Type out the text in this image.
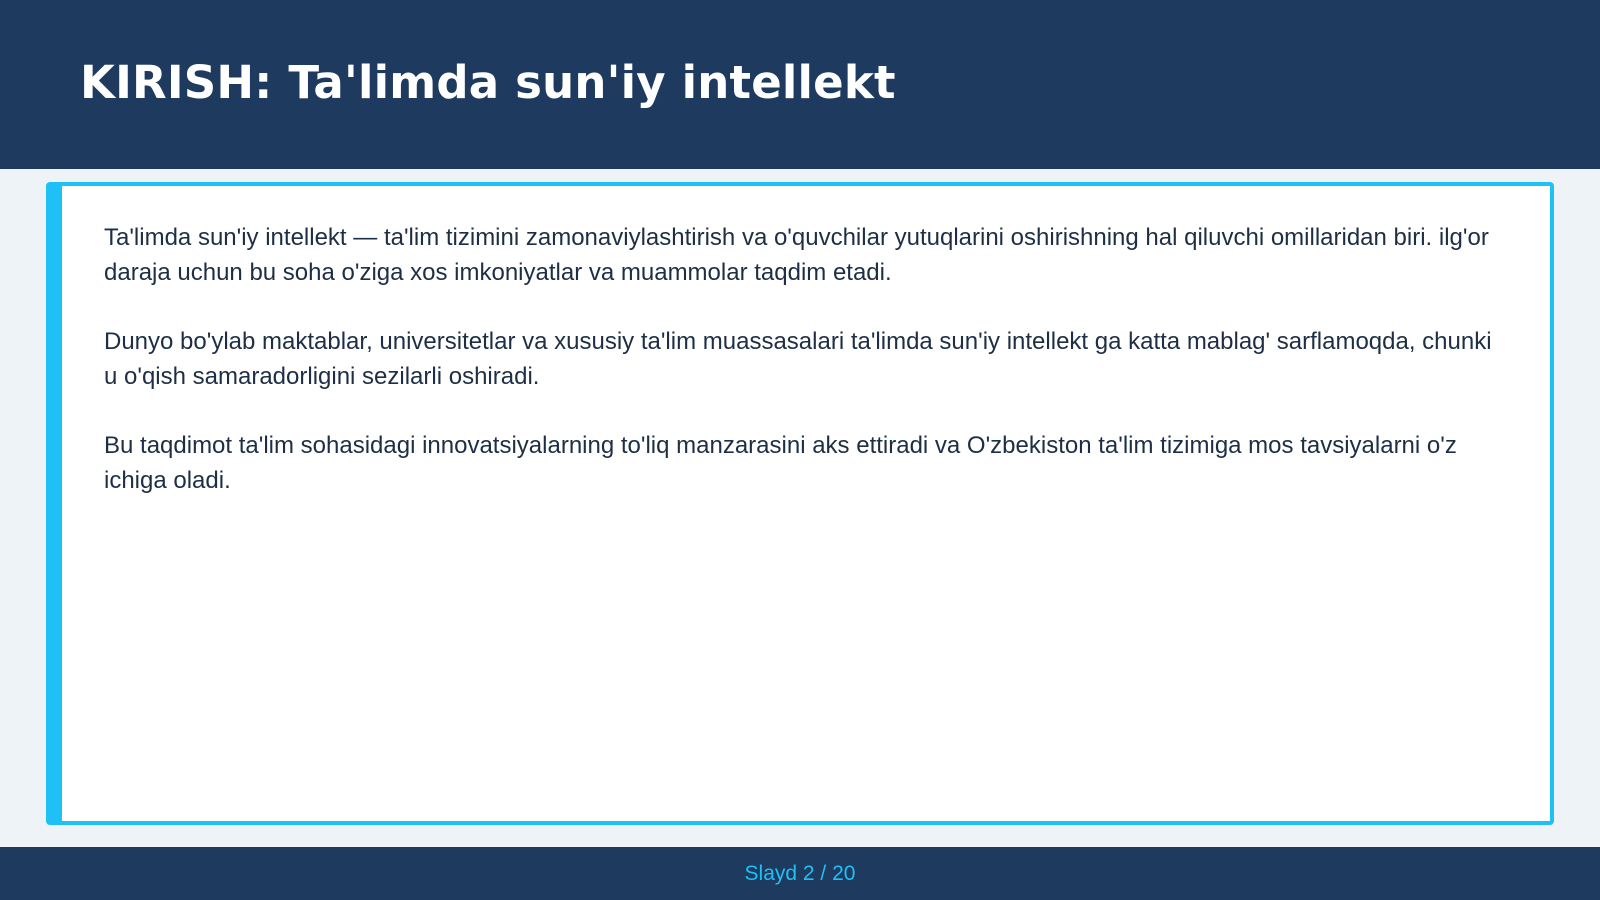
KIRISH: Ta'limda sun'iy intellekt

Ta'limda sun'iy intellekt — ta'lim tizimini zamonaviylashtirish va o'quvchilar yutuqlarini oshirishning hal qiluvchi omillaridan biri. ilg'or daraja uchun bu soha o'ziga xos imkoniyatlar va muammolar taqdim etadi.

Dunyo bo'ylab maktablar, universitetlar va xususiy ta'lim muassasalari ta'limda sun'iy intellekt ga katta mablag' sarflamoqda, chunki u o'qish samaradorligini sezilarli oshiradi.

Bu taqdimot ta'lim sohasidagi innovatsiyalarning to'liq manzarasini aks ettiradi va O'zbekiston ta'lim tizimiga mos tavsiyalarni o'z ichiga oladi.

Slayd 2 / 20
